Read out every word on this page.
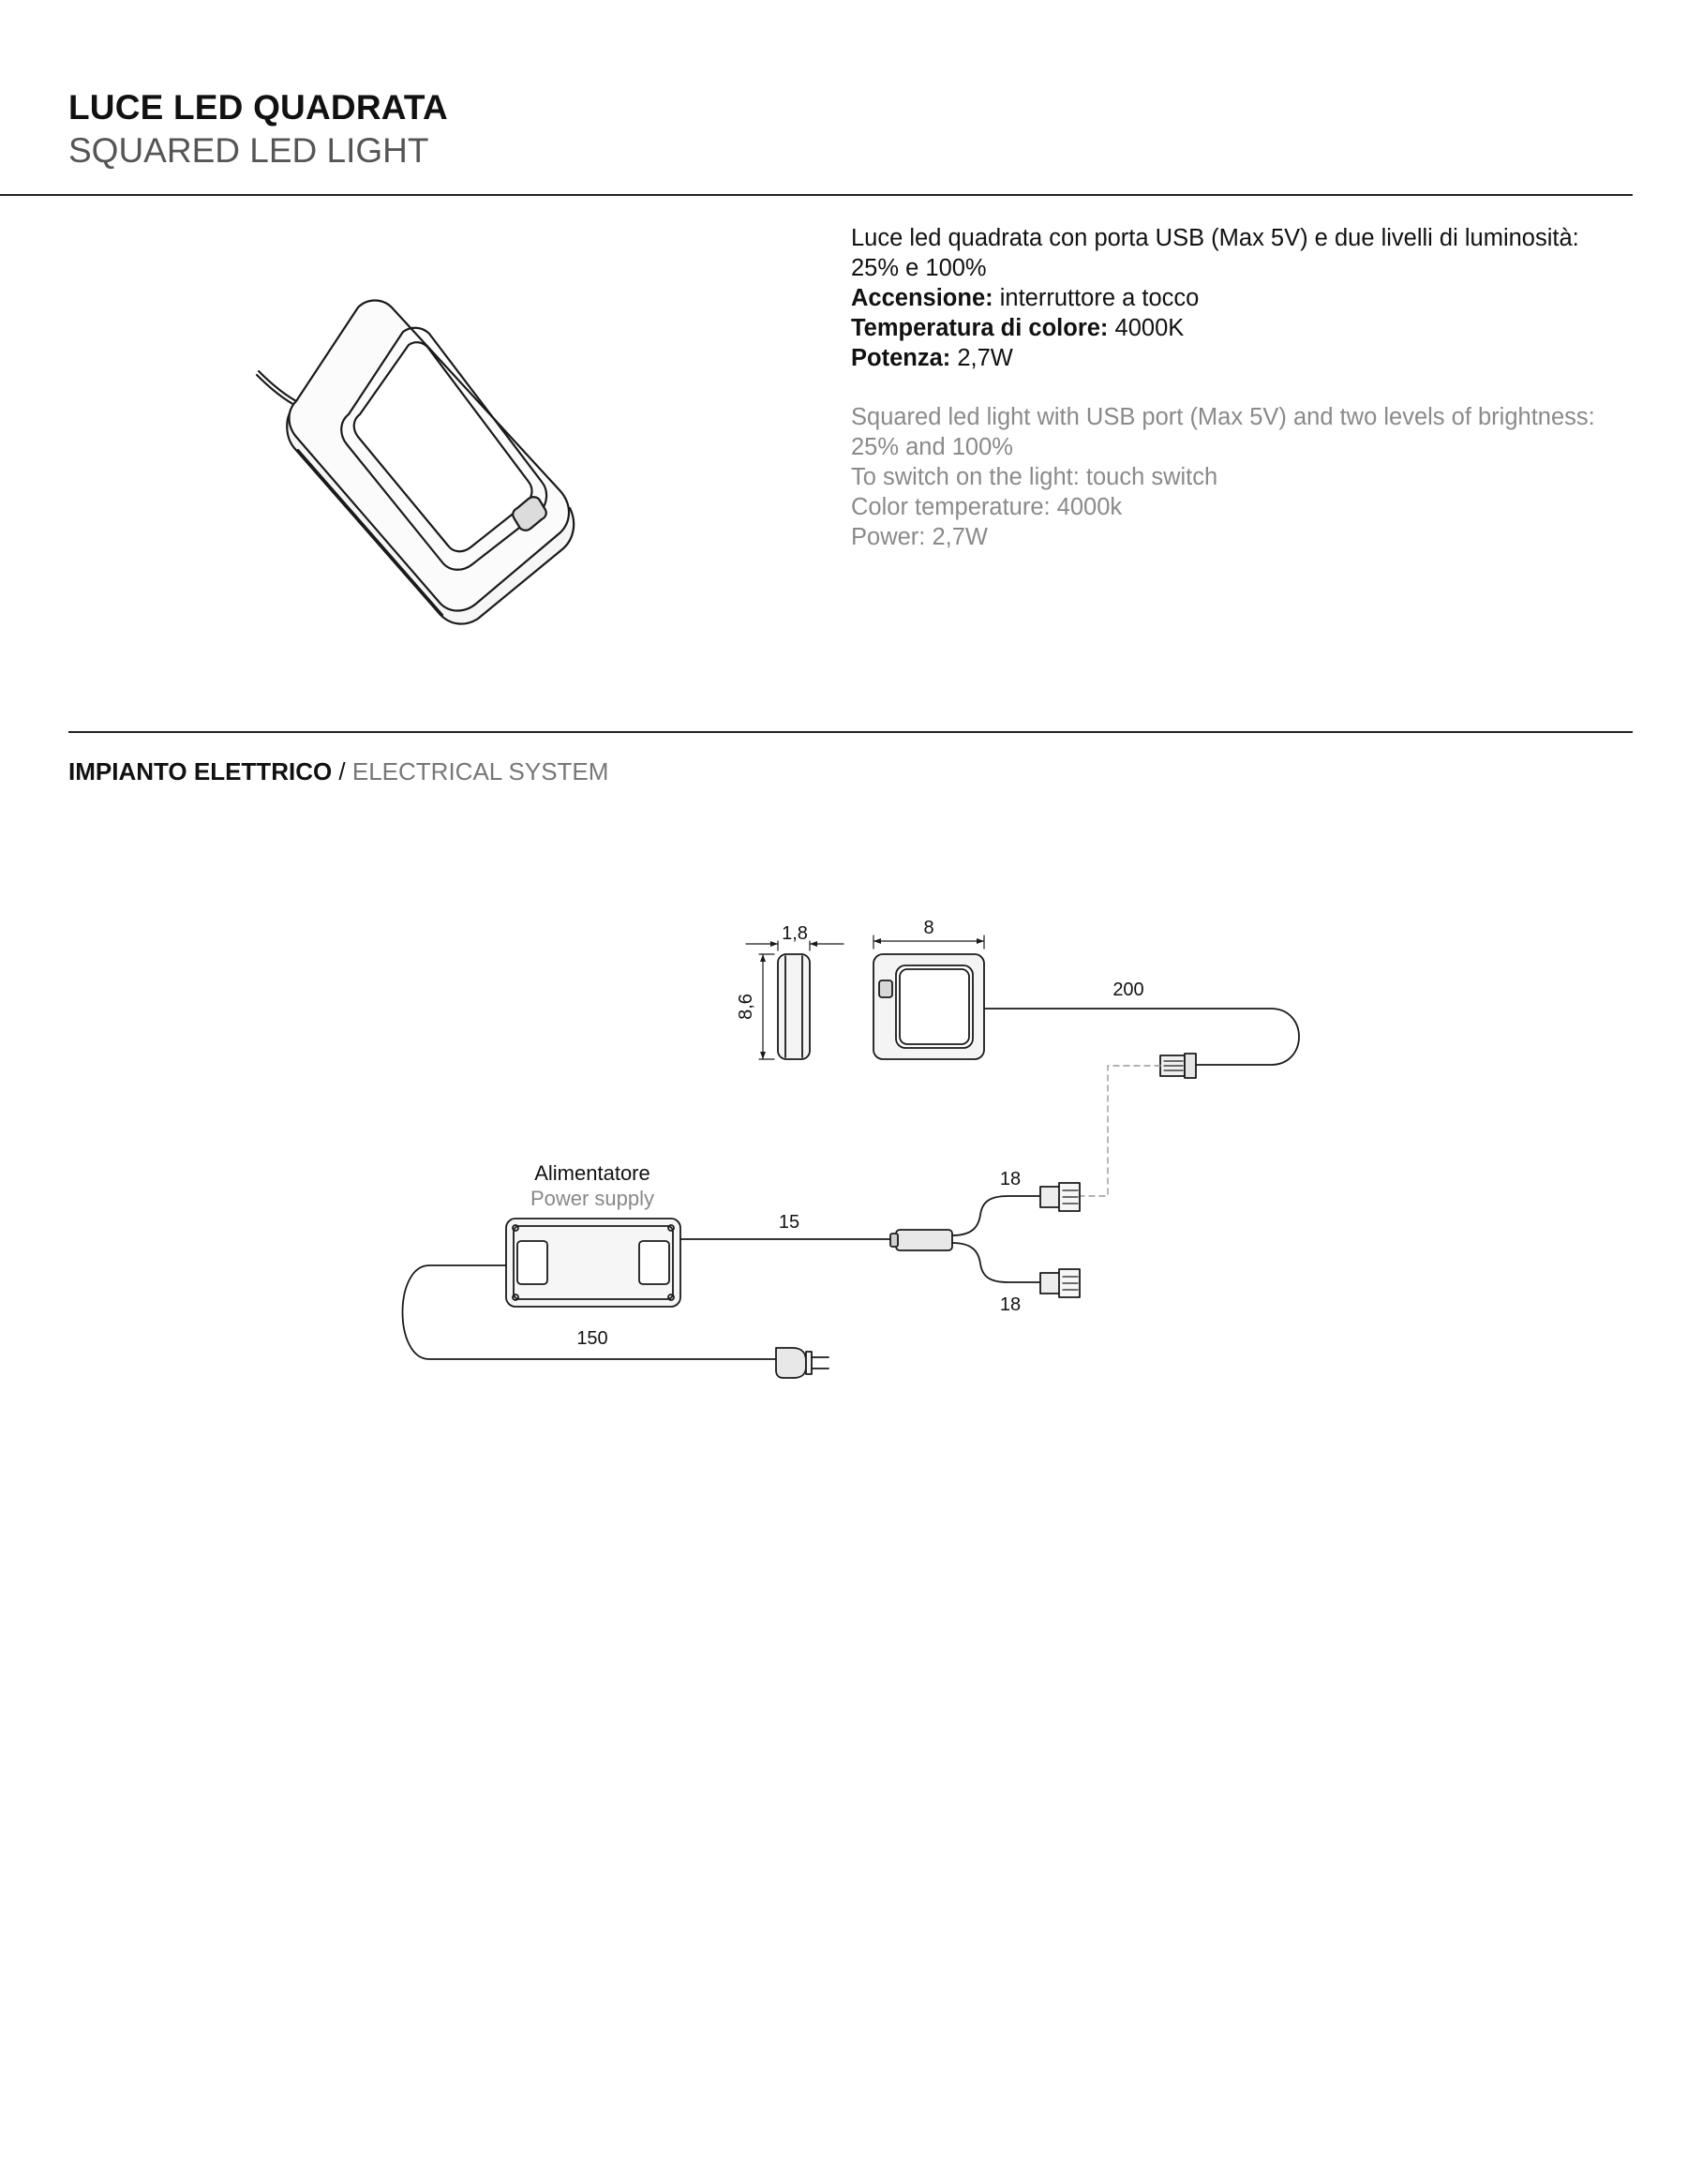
LUCE LED QUADRATA
SQUARED LED LIGHT

Luce led quadrata con porta USB (Max 5V) e due livelli di luminosità:

25% e 100%

Accensione: interruttore a tocco

Temperatura di colore: 4000K

Potenza: 2,7W

Squared led light with USB port (Max 5V) and two levels of brightness:

25% and 100%

To switch on the light: touch switch

Color temperature: 4000k

Power: 2,7W

IMPIANTO ELETTRICO / ELECTRICAL SYSTEM
1,8
8,6
8
200
15
18
18
150
Alimentatore
Power supply
